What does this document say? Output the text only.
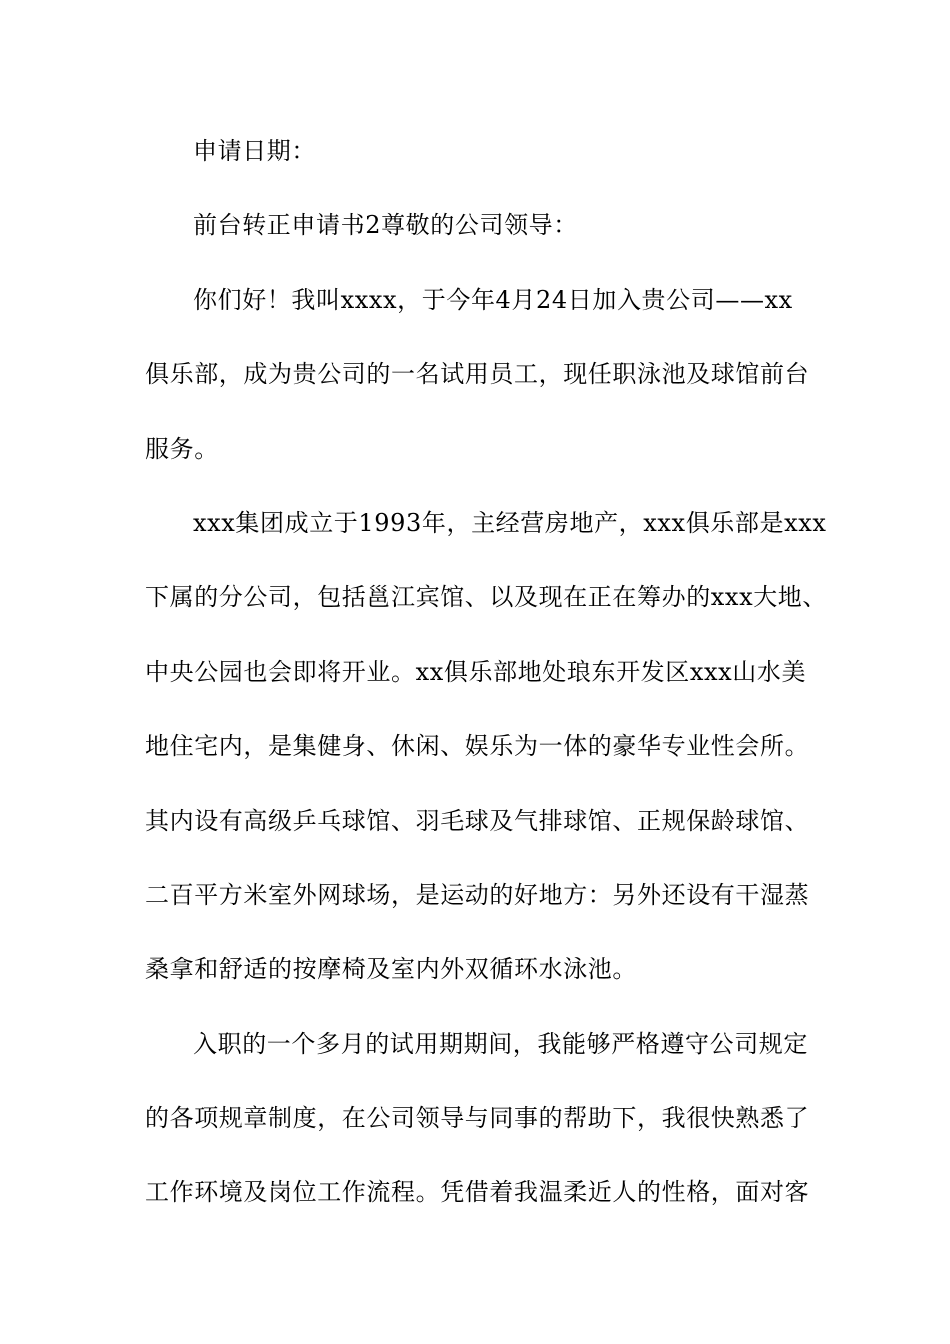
申请日期：
前台转正申请书2尊敬的公司领导：
你们好！我叫xxxx，于今年4月24日加入贵公司——xx
俱乐部，成为贵公司的一名试用员工，现任职泳池及球馆前台
服务。
xxx集团成立于1993年，主经营房地产，xxx俱乐部是xxx
下属的分公司，包括邕江宾馆、以及现在正在筹办的xxx大地、
中央公园也会即将开业。xx俱乐部地处琅东开发区xxx山水美
地住宅内，是集健身、休闲、娱乐为一体的豪华专业性会所。
其内设有高级乒乓球馆、羽毛球及气排球馆、正规保龄球馆、
二百平方米室外网球场，是运动的好地方：另外还设有干湿蒸
桑拿和舒适的按摩椅及室内外双循环水泳池。
入职的一个多月的试用期期间，我能够严格遵守公司规定
的各项规章制度，在公司领导与同事的帮助下，我很快熟悉了
工作环境及岗位工作流程。凭借着我温柔近人的性格，面对客
